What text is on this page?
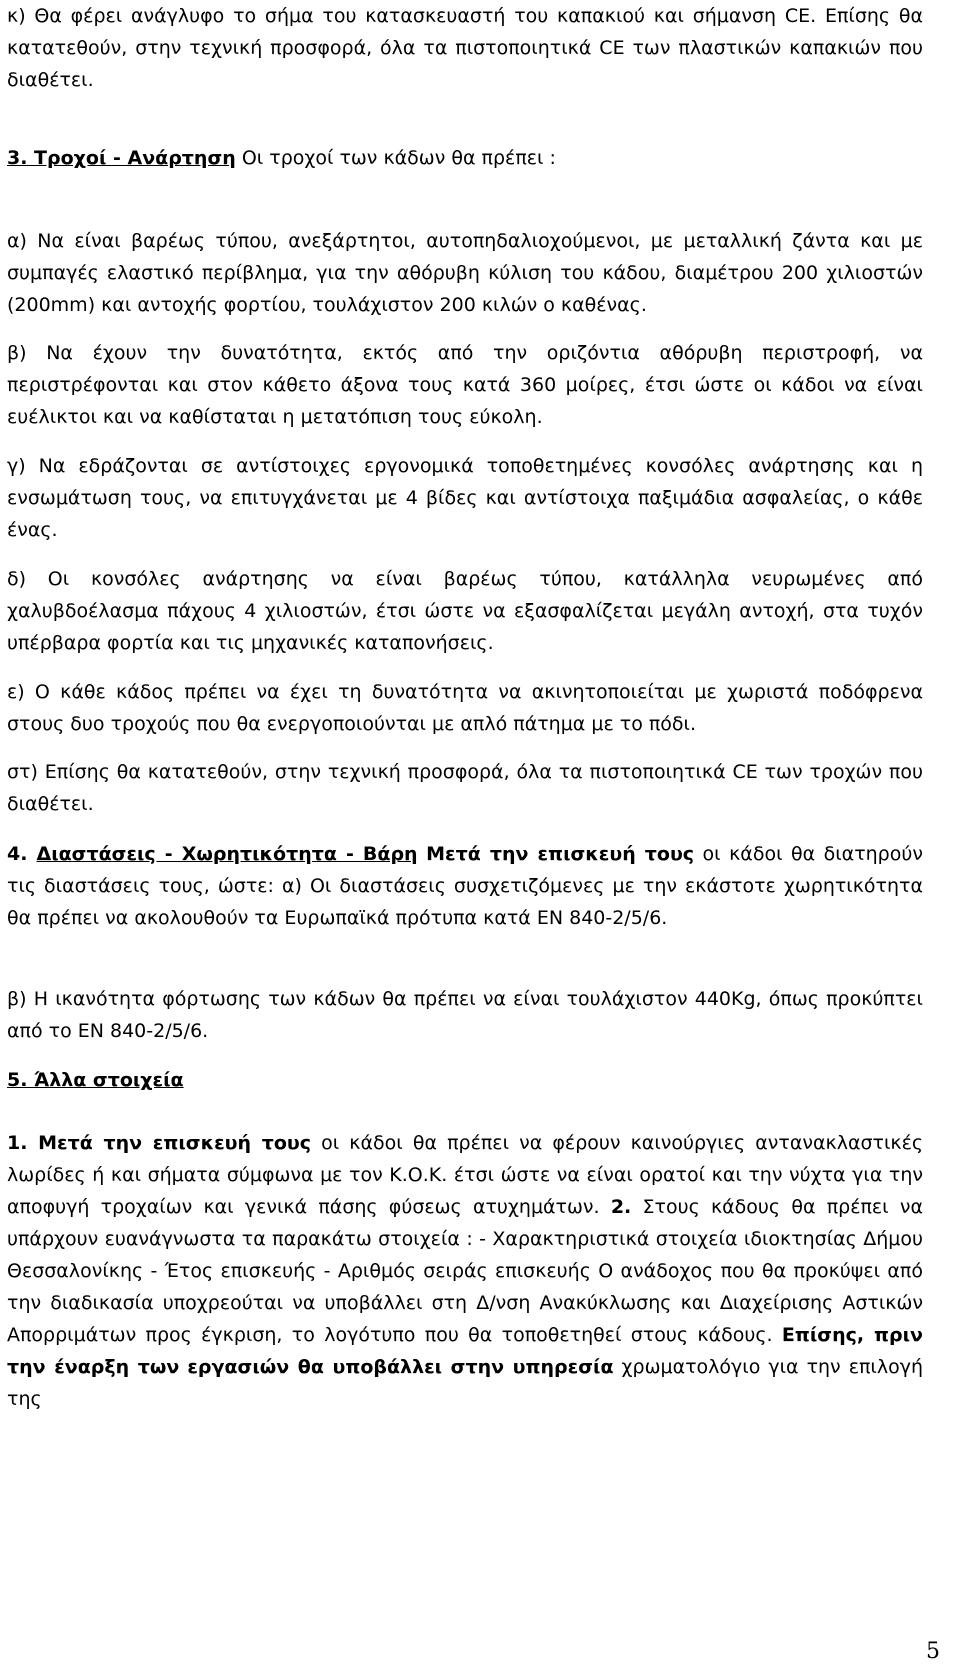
κ) Θα φέρει ανάγλυφο το σήμα του κατασκευαστή του καπακιού και σήμανση CE. Επίσης θα κατατεθούν, στην τεχνική προσφορά, όλα τα πιστοποιητικά CE των πλαστικών καπακιών που διαθέτει.
3. Τροχοί - Ανάρτηση Οι τροχοί των κάδων θα πρέπει :
α) Να είναι βαρέως τύπου, ανεξάρτητοι, αυτοπηδαλιοχούμενοι, με μεταλλική ζάντα και με συμπαγές ελαστικό περίβλημα, για την αθόρυβη κύλιση του κάδου, διαμέτρου 200 χιλιοστών (200mm) και αντοχής φορτίου, τουλάχιστον 200 κιλών ο καθένας.
β) Να έχουν την δυνατότητα, εκτός από την οριζόντια αθόρυβη περιστροφή, να περιστρέφονται και στον κάθετο άξονα τους κατά 360 μοίρες, έτσι ώστε οι κάδοι να είναι ευέλικτοι και να καθίσταται η μετατόπιση τους εύκολη.
γ) Να εδράζονται σε αντίστοιχες εργονομικά τοποθετημένες κονσόλες ανάρτησης και η ενσωμάτωση τους, να επιτυγχάνεται με 4 βίδες και αντίστοιχα παξιμάδια ασφαλείας, ο κάθε ένας.
δ) Οι κονσόλες ανάρτησης να είναι βαρέως τύπου, κατάλληλα νευρωμένες από χαλυβδοέλασμα πάχους 4 χιλιοστών, έτσι ώστε να εξασφαλίζεται μεγάλη αντοχή, στα τυχόν υπέρβαρα φορτία και τις μηχανικές καταπονήσεις.
ε) Ο κάθε κάδος πρέπει να έχει τη δυνατότητα να ακινητοποιείται με χωριστά ποδόφρενα στους δυο τροχούς που θα ενεργοποιούνται με απλό πάτημα με το πόδι.
στ) Επίσης θα κατατεθούν, στην τεχνική προσφορά, όλα τα πιστοποιητικά CE των τροχών που διαθέτει.
4. Διαστάσεις - Χωρητικότητα - Βάρη Μετά την επισκευή τους οι κάδοι θα διατηρούν τις διαστάσεις τους, ώστε: α) Οι διαστάσεις συσχετιζόμενες με την εκάστοτε χωρητικότητα θα πρέπει να ακολουθούν τα Ευρωπαϊκά πρότυπα κατά ΕΝ 840-2/5/6.
β) Η ικανότητα φόρτωσης των κάδων θα πρέπει να είναι τουλάχιστον 440Kg, όπως προκύπτει από το ΕΝ 840-2/5/6.
5. Άλλα στοιχεία
1. Μετά την επισκευή τους οι κάδοι θα πρέπει να φέρουν καινούργιες αντανακλαστικές λωρίδες ή και σήματα σύμφωνα με τον Κ.Ο.Κ. έτσι ώστε να είναι ορατοί και την νύχτα για την αποφυγή τροχαίων και γενικά πάσης φύσεως ατυχημάτων. 2. Στους κάδους θα πρέπει να υπάρχουν ευανάγνωστα τα παρακάτω στοιχεία : - Χαρακτηριστικά στοιχεία ιδιοκτησίας Δήμου Θεσσαλονίκης - Έτος επισκευής - Αριθμός σειράς επισκευής Ο ανάδοχος που θα προκύψει από την διαδικασία υποχρεούται να υποβάλλει στη Δ/νση Ανακύκλωσης και Διαχείρισης Αστικών Απορριμάτων προς έγκριση, το λογότυπο που θα τοποθετηθεί στους κάδους. Επίσης, πριν την έναρξη των εργασιών θα υποβάλλει στην υπηρεσία χρωματολόγιο για την επιλογή της
5
